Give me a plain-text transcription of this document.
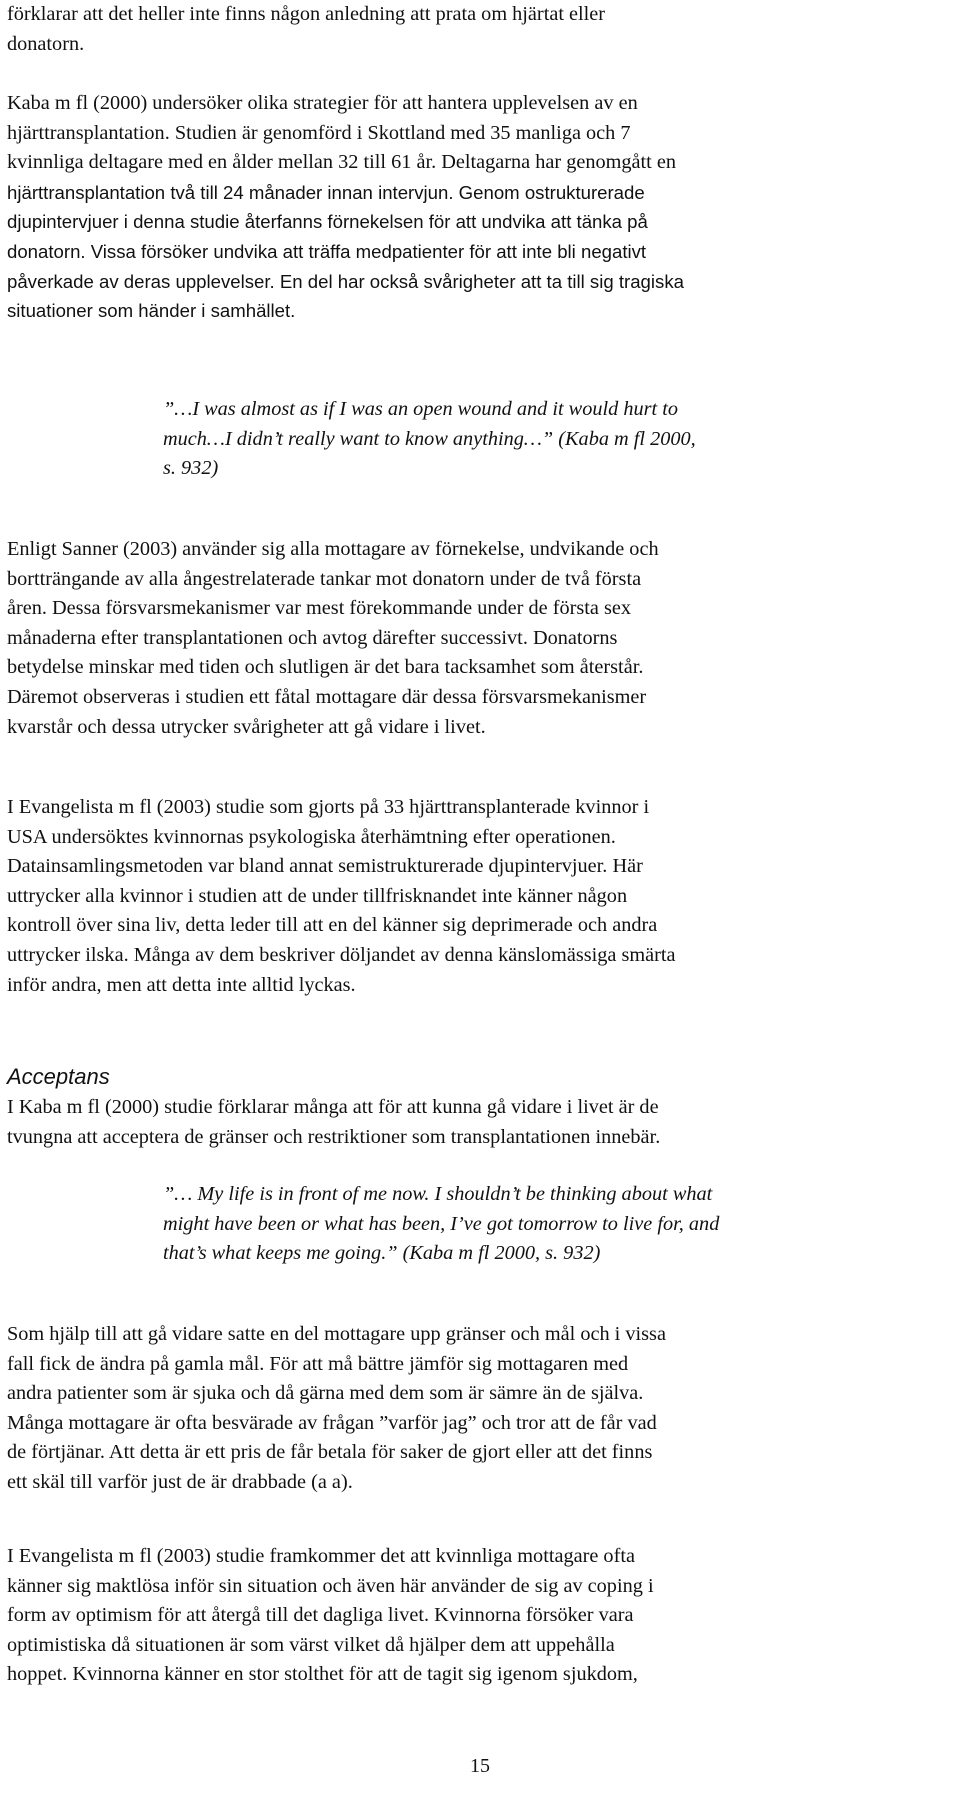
förklarar att det heller inte finns någon anledning att prata om hjärtat eller
donatorn.
Kaba m fl (2000) undersöker olika strategier för att hantera upplevelsen av en
hjärttransplantation. Studien är genomförd i Skottland med 35 manliga och 7
kvinnliga deltagare med en ålder mellan 32 till 61 år. Deltagarna har genomgått en
hjärttransplantation två till 24 månader innan intervjun. Genom ostrukturerade
djupintervjuer i denna studie återfanns förnekelsen för att undvika att tänka på
donatorn. Vissa försöker undvika att träffa medpatienter för att inte bli negativt
påverkade av deras upplevelser. En del har också svårigheter att ta till sig tragiska
situationer som händer i samhället.
”…I was almost as if I was an open wound and it would hurt to
much…I didn’t really want to know anything…” (Kaba m fl 2000,
s. 932)
Enligt Sanner (2003) använder sig alla mottagare av förnekelse, undvikande och
bortträngande av alla ångestrelaterade tankar mot donatorn under de två första
åren. Dessa försvarsmekanismer var mest förekommande under de första sex
månaderna efter transplantationen och avtog därefter successivt. Donatorns
betydelse minskar med tiden och slutligen är det bara tacksamhet som återstår.
Däremot observeras i studien ett fåtal mottagare där dessa försvarsmekanismer
kvarstår och dessa utrycker svårigheter att gå vidare i livet.
I Evangelista m fl (2003) studie som gjorts på 33 hjärttransplanterade kvinnor i
USA undersöktes kvinnornas psykologiska återhämtning efter operationen.
Datainsamlingsmetoden var bland annat semistrukturerade djupintervjuer. Här
uttrycker alla kvinnor i studien att de under tillfrisknandet inte känner någon
kontroll över sina liv, detta leder till att en del känner sig deprimerade och andra
uttrycker ilska. Många av dem beskriver döljandet av denna känslomässiga smärta
inför andra, men att detta inte alltid lyckas.
Acceptans
I Kaba m fl (2000) studie förklarar många att för att kunna gå vidare i livet är de
tvungna att acceptera de gränser och restriktioner som transplantationen innebär.
”… My life is in front of me now. I shouldn’t be thinking about what
might have been or what has been, I’ve got tomorrow to live for, and
that’s what keeps me going.” (Kaba m fl 2000, s. 932)
Som hjälp till att gå vidare satte en del mottagare upp gränser och mål och i vissa
fall fick de ändra på gamla mål. För att må bättre jämför sig mottagaren med
andra patienter som är sjuka och då gärna med dem som är sämre än de själva.
Många mottagare är ofta besvärade av frågan ”varför jag” och tror att de får vad
de förtjänar. Att detta är ett pris de får betala för saker de gjort eller att det finns
ett skäl till varför just de är drabbade (a a).
I Evangelista m fl (2003) studie framkommer det att kvinnliga mottagare ofta
känner sig maktlösa inför sin situation och även här använder de sig av coping i
form av optimism för att återgå till det dagliga livet. Kvinnorna försöker vara
optimistiska då situationen är som värst vilket då hjälper dem att uppehålla
hoppet. Kvinnorna känner en stor stolthet för att de tagit sig igenom sjukdom,
15
